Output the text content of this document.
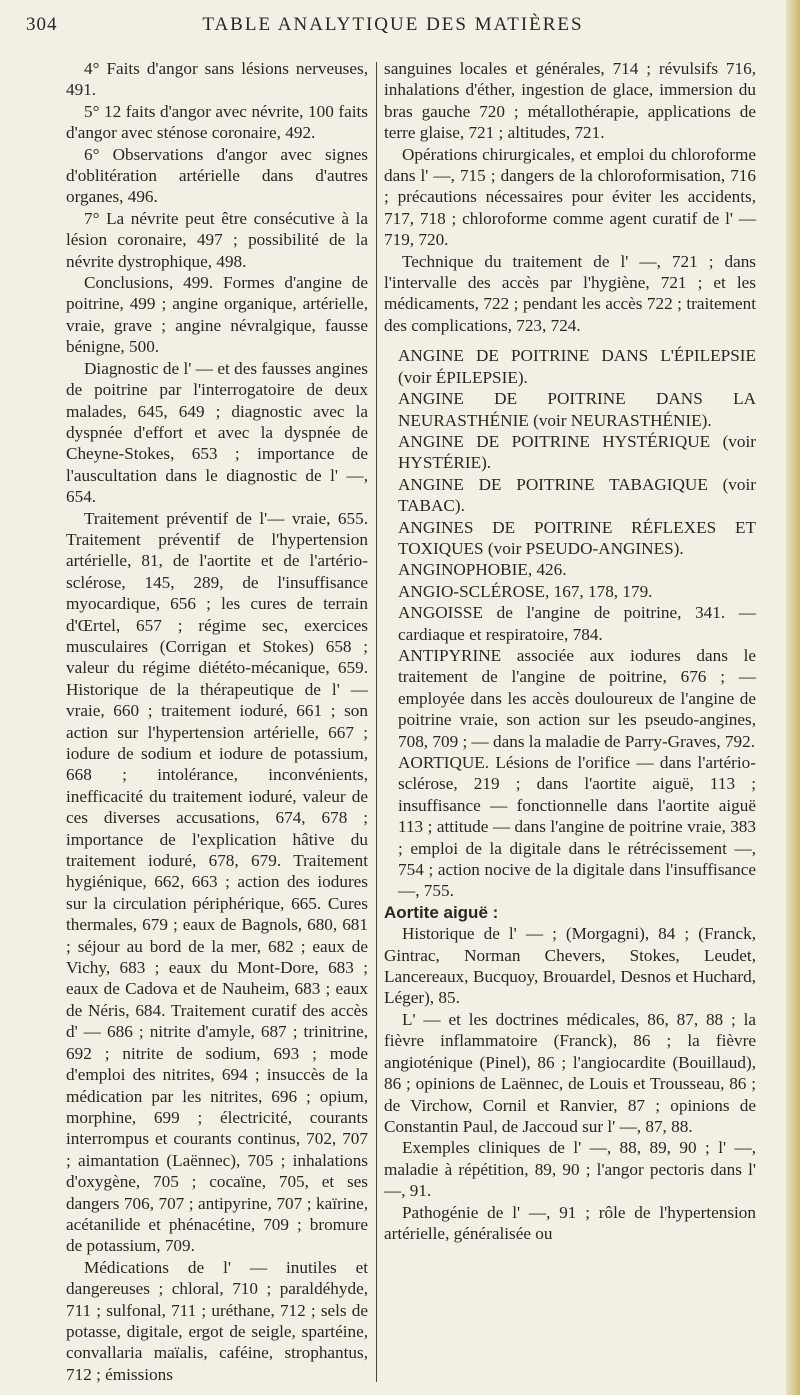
304	TABLE ANALYTIQUE DES MATIÈRES

4° Faits d'angor sans lésions nerveuses, 491.

5° 12 faits d'angor avec névrite, 100 faits d'angor avec sténose coronaire, 492.

6° Observations d'angor avec signes d'oblitération artérielle dans d'autres organes, 496.

7° La névrite peut être consécutive à la lésion coronaire, 497 ; possibilité de la névrite dystrophique, 498.

Conclusions, 499. Formes d'angine de poitrine, 499 ; angine organique, artérielle, vraie, grave ; angine névralgique, fausse bénigne, 500.

Diagnostic de l' — et des fausses angines de poitrine par l'interrogatoire de deux malades, 645, 649 ; diagnostic avec la dyspnée d'effort et avec la dyspnée de Cheyne-Stokes, 653 ; importance de l'auscultation dans le diagnostic de l' —, 654.

Traitement préventif de l'— vraie, 655. Traitement préventif de l'hypertension artérielle, 81, de l'aortite et de l'artério-sclérose, 145, 289, de l'insuffisance myocardique, 656 ; les cures de terrain d'Œrtel, 657 ; régime sec, exercices musculaires (Corrigan et Stokes) 658 ; valeur du régime diététo-mécanique, 659. Historique de la thérapeutique de l' — vraie, 660 ; traitement ioduré, 661 ; son action sur l'hypertension artérielle, 667 ; iodure de sodium et iodure de potassium, 668 ; intolérance, inconvénients, inefficacité du traitement ioduré, valeur de ces diverses accusations, 674, 678 ; importance de l'explication hâtive du traitement ioduré, 678, 679. Traitement hygiénique, 662, 663 ; action des iodures sur la circulation périphérique, 665. Cures thermales, 679 ; eaux de Bagnols, 680, 681 ; séjour au bord de la mer, 682 ; eaux de Vichy, 683 ; eaux du Mont-Dore, 683 ; eaux de Cadova et de Nauheim, 683 ; eaux de Néris, 684. Traitement curatif des accès d' — 686 ; nitrite d'amyle, 687 ; trinitrine, 692 ; nitrite de sodium, 693 ; mode d'emploi des nitrites, 694 ; insuccès de la médication par les nitrites, 696 ; opium, morphine, 699 ; électricité, courants interrompus et courants continus, 702, 707 ; aimantation (Laënnec), 705 ; inhalations d'oxygène, 705 ; cocaïne, 705, et ses dangers 706, 707 ; antipyrine, 707 ; kaïrine, acétanilide et phénacétine, 709 ; bromure de potassium, 709.

Médications de l' — inutiles et dangereuses ; chloral, 710 ; paraldéhyde, 711 ; sulfonal, 711 ; uréthane, 712 ; sels de potasse, digitale, ergot de seigle, spartéine, convallaria maïalis, caféine, strophantus, 712 ; émissions

sanguines locales et générales, 714 ; révulsifs 716, inhalations d'éther, ingestion de glace, immersion du bras gauche 720 ; métallothérapie, applications de terre glaise, 721 ; altitudes, 721.

Opérations chirurgicales, et emploi du chloroforme dans l' —, 715 ; dangers de la chloroformisation, 716 ; précautions nécessaires pour éviter les accidents, 717, 718 ; chloroforme comme agent curatif de l' — 719, 720.

Technique du traitement de l' —, 721 ; dans l'intervalle des accès par l'hygiène, 721 ; et les médicaments, 722 ; pendant les accès 722 ; traitement des complications, 723, 724.

ANGINE DE POITRINE DANS L'ÉPILEPSIE (voir ÉPILEPSIE).

ANGINE DE POITRINE DANS LA NEURASTHÉNIE (voir NEURASTHÉNIE).

ANGINE DE POITRINE HYSTÉRIQUE (voir HYSTÉRIE).

ANGINE DE POITRINE TABAGIQUE (voir TABAC).

ANGINES DE POITRINE RÉFLEXES ET TOXIQUES (voir PSEUDO-ANGINES).

ANGINOPHOBIE, 426.

ANGIO-SCLÉROSE, 167, 178, 179.

ANGOISSE de l'angine de poitrine, 341. — cardiaque et respiratoire, 784.

ANTIPYRINE associée aux iodures dans le traitement de l'angine de poitrine, 676 ; — employée dans les accès douloureux de l'angine de poitrine vraie, son action sur les pseudo-angines, 708, 709 ; — dans la maladie de Parry-Graves, 792.

AORTIQUE. Lésions de l'orifice — dans l'artério-sclérose, 219 ; dans l'aortite aiguë, 113 ; insuffisance — fonctionnelle dans l'aortite aiguë 113 ; attitude — dans l'angine de poitrine vraie, 383 ; emploi de la digitale dans le rétrécissement —, 754 ; action nocive de la digitale dans l'insuffisance —, 755.

Aortite aiguë :

Historique de l' — ; (Morgagni), 84 ; (Franck, Gintrac, Norman Chevers, Stokes, Leudet, Lancereaux, Bucquoy, Brouardel, Desnos et Huchard, Léger), 85.

L' — et les doctrines médicales, 86, 87, 88 ; la fièvre inflammatoire (Franck), 86 ; la fièvre angioténique (Pinel), 86 ; l'angiocardite (Bouillaud), 86 ; opinions de Laënnec, de Louis et Trousseau, 86 ; de Virchow, Cornil et Ranvier, 87 ; opinions de Constantin Paul, de Jaccoud sur l' —, 87, 88.

Exemples cliniques de l' —, 88, 89, 90 ; l' —, maladie à répétition, 89, 90 ; l'angor pectoris dans l' —, 91.

Pathogénie de l' —, 91 ; rôle de l'hypertension artérielle, généralisée ou
